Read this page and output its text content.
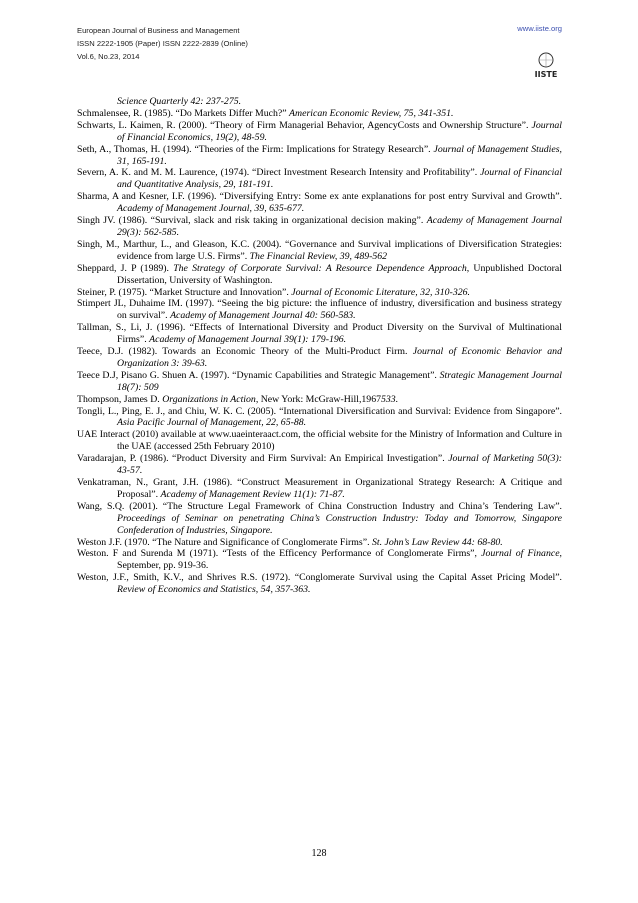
European Journal of Business and Management
ISSN 2222-1905 (Paper) ISSN 2222-2839 (Online)
Vol.6, No.23, 2014
www.iiste.org
IISTE

Science Quarterly 42: 237-275.

Schmalensee, R. (1985). “Do Markets Differ Much?” American Economic Review, 75, 341-351.

Schwarts, L. Kaimen, R. (2000). “Theory of Firm Managerial Behavior, AgencyCosts and Ownership Structure”. Journal of Financial Economics, 19(2), 48-59.

Seth, A., Thomas, H. (1994). “Theories of the Firm: Implications for Strategy Research”. Journal of Management Studies, 31, 165-191.

Severn, A. K. and M. M. Laurence, (1974). “Direct Investment Research Intensity and Profitability”. Journal of Financial and Quantitative Analysis, 29, 181-191.

Sharma, A and Kesner, I.F. (1996). “Diversifying Entry: Some ex ante explanations for post entry Survival and Growth”. Academy of Management Journal, 39, 635-677.

Singh JV. (1986). “Survival, slack and risk taking in organizational decision making”. Academy of Management Journal 29(3): 562-585.

Singh, M., Marthur, L., and Gleason, K.C. (2004). “Governance and Survival implications of Diversification Strategies: evidence from large U.S. Firms”. The Financial Review, 39, 489-562

Sheppard, J. P (1989). The Strategy of Corporate Survival: A Resource Dependence Approach, Unpublished Doctoral Dissertation, University of Washington.

Steiner, P. (1975). “Market Structure and Innovation”. Journal of Economic Literature, 32, 310-326.

Stimpert JL, Duhaime IM. (1997). “Seeing the big picture: the influence of industry, diversification and business strategy on survival”. Academy of Management Journal 40: 560-583.

Tallman, S., Li, J. (1996). “Effects of International Diversity and Product Diversity on the Survival of Multinational Firms”. Academy of Management Journal 39(1): 179-196.

Teece, D.J. (1982). Towards an Economic Theory of the Multi-Product Firm. Journal of Economic Behavior and Organization 3: 39-63.

Teece D.J, Pisano G. Shuen A. (1997). “Dynamic Capabilities and Strategic Management”. Strategic Management Journal 18(7): 509

Thompson, James D. Organizations in Action, New York: McGraw-Hill,1967533.

Tongli, L., Ping, E. J., and Chiu, W. K. C. (2005). “International Diversification and Survival: Evidence from Singapore”. Asia Pacific Journal of Management, 22, 65-88.

UAE Interact (2010) available at www.uaeinteraact.com, the official website for the Ministry of Information and Culture in the UAE (accessed 25th February 2010)

Varadarajan, P. (1986). “Product Diversity and Firm Survival: An Empirical Investigation”. Journal of Marketing 50(3): 43-57.

Venkatraman, N., Grant, J.H. (1986). “Construct Measurement in Organizational Strategy Research: A Critique and Proposal”. Academy of Management Review 11(1): 71-87.

Wang, S.Q. (2001). “The Structure Legal Framework of China Construction Industry and China’s Tendering Law”. Proceedings of Seminar on penetrating China’s Construction Industry: Today and Tomorrow, Singapore Confederation of Industries, Singapore.

Weston J.F. (1970. “The Nature and Significance of Conglomerate Firms”. St. John’s Law Review 44: 68-80.

Weston. F and Surenda M (1971). “Tests of the Efficency Performance of Conglomerate Firms”, Journal of Finance, September, pp. 919-36.

Weston, J.F., Smith, K.V., and Shrives R.S. (1972). “Conglomerate Survival using the Capital Asset Pricing Model”. Review of Economics and Statistics, 54, 357-363.

128
